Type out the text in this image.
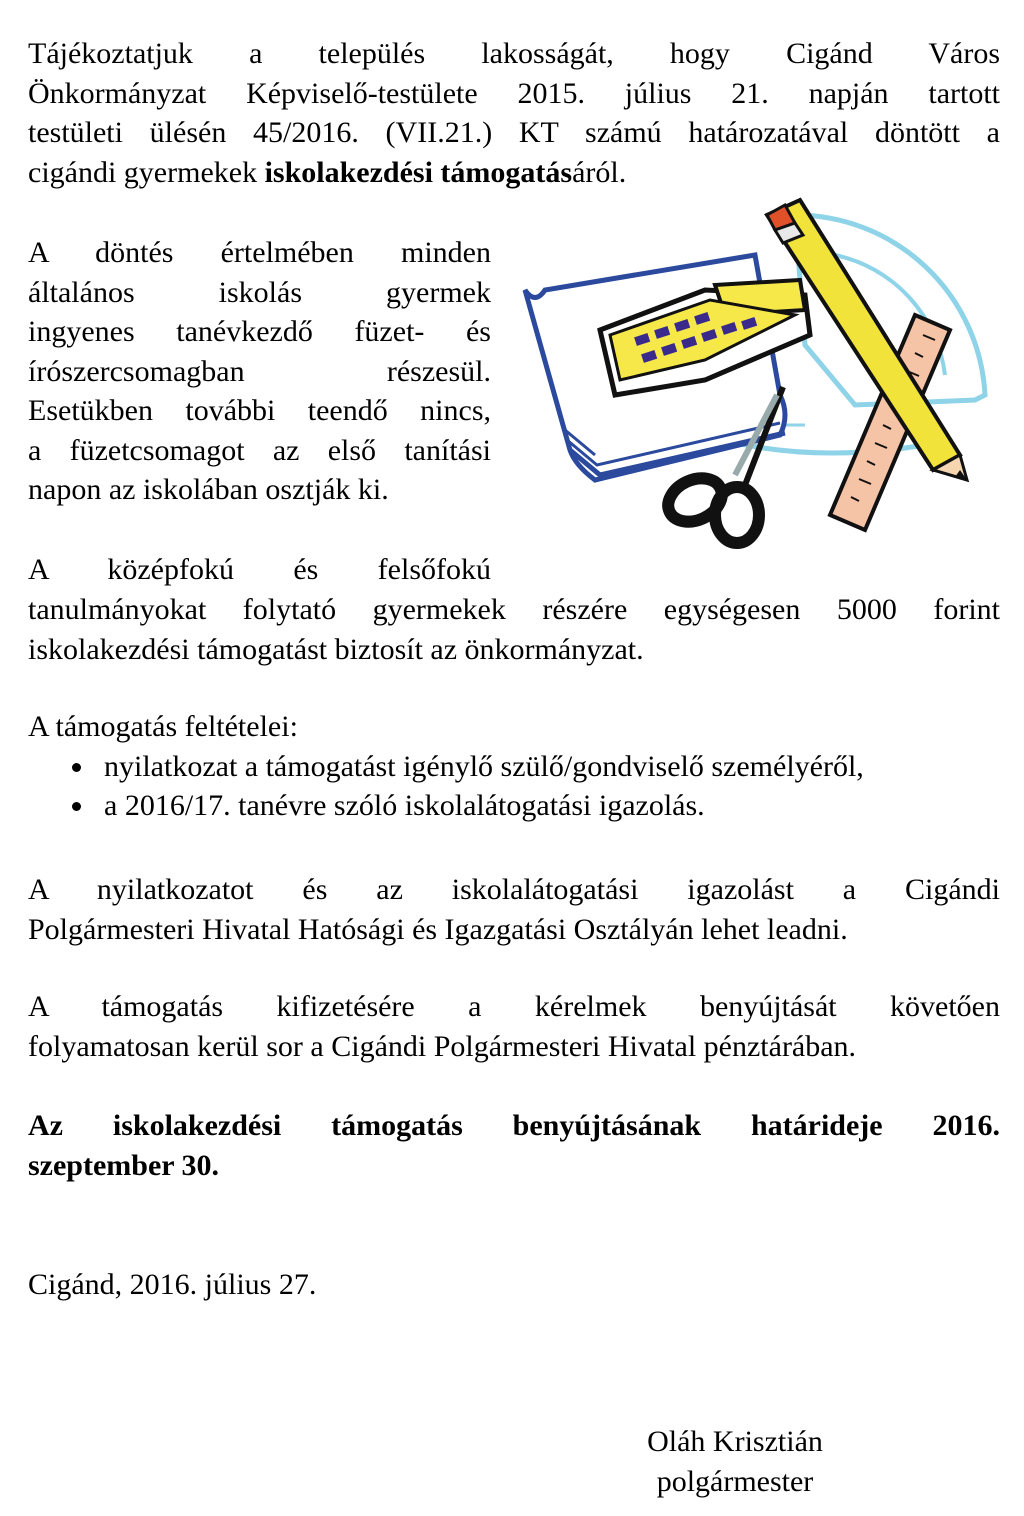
Tájékoztatjuk a település lakosságát, hogy Cigánd Város

Önkormányzat Képviselő-testülete 2015. július 21. napján tartott

testületi ülésén 45/2016. (VII.21.) KT számú határozatával döntött a

cigándi gyermekek iskolakezdési támogatásáról.

A döntés értelmében minden

általános iskolás gyermek

ingyenes tanévkezdő füzet- és

írószercsomagban részesül.

Esetükben további teendő nincs,

a füzetcsomagot az első tanítási

napon az iskolában osztják ki.

A középfokú és felsőfokú

tanulmányokat folytató gyermekek részére egységesen 5000 forint

iskolakezdési támogatást biztosít az önkormányzat.

A támogatás feltételei:

nyilatkozat a támogatást igénylő szülő/gondviselő személyéről,
a 2016/17. tanévre szóló iskolalátogatási igazolás.

A nyilatkozatot és az iskolalátogatási igazolást a Cigándi

Polgármesteri Hivatal Hatósági és Igazgatási Osztályán lehet leadni.

A támogatás kifizetésére a kérelmek benyújtását követően

folyamatosan kerül sor a Cigándi Polgármesteri Hivatal pénztárában.

Az iskolakezdési támogatás benyújtásának határideje 2016.

szeptember 30.

Cigánd, 2016. július 27.

Oláh Krisztián
polgármester
